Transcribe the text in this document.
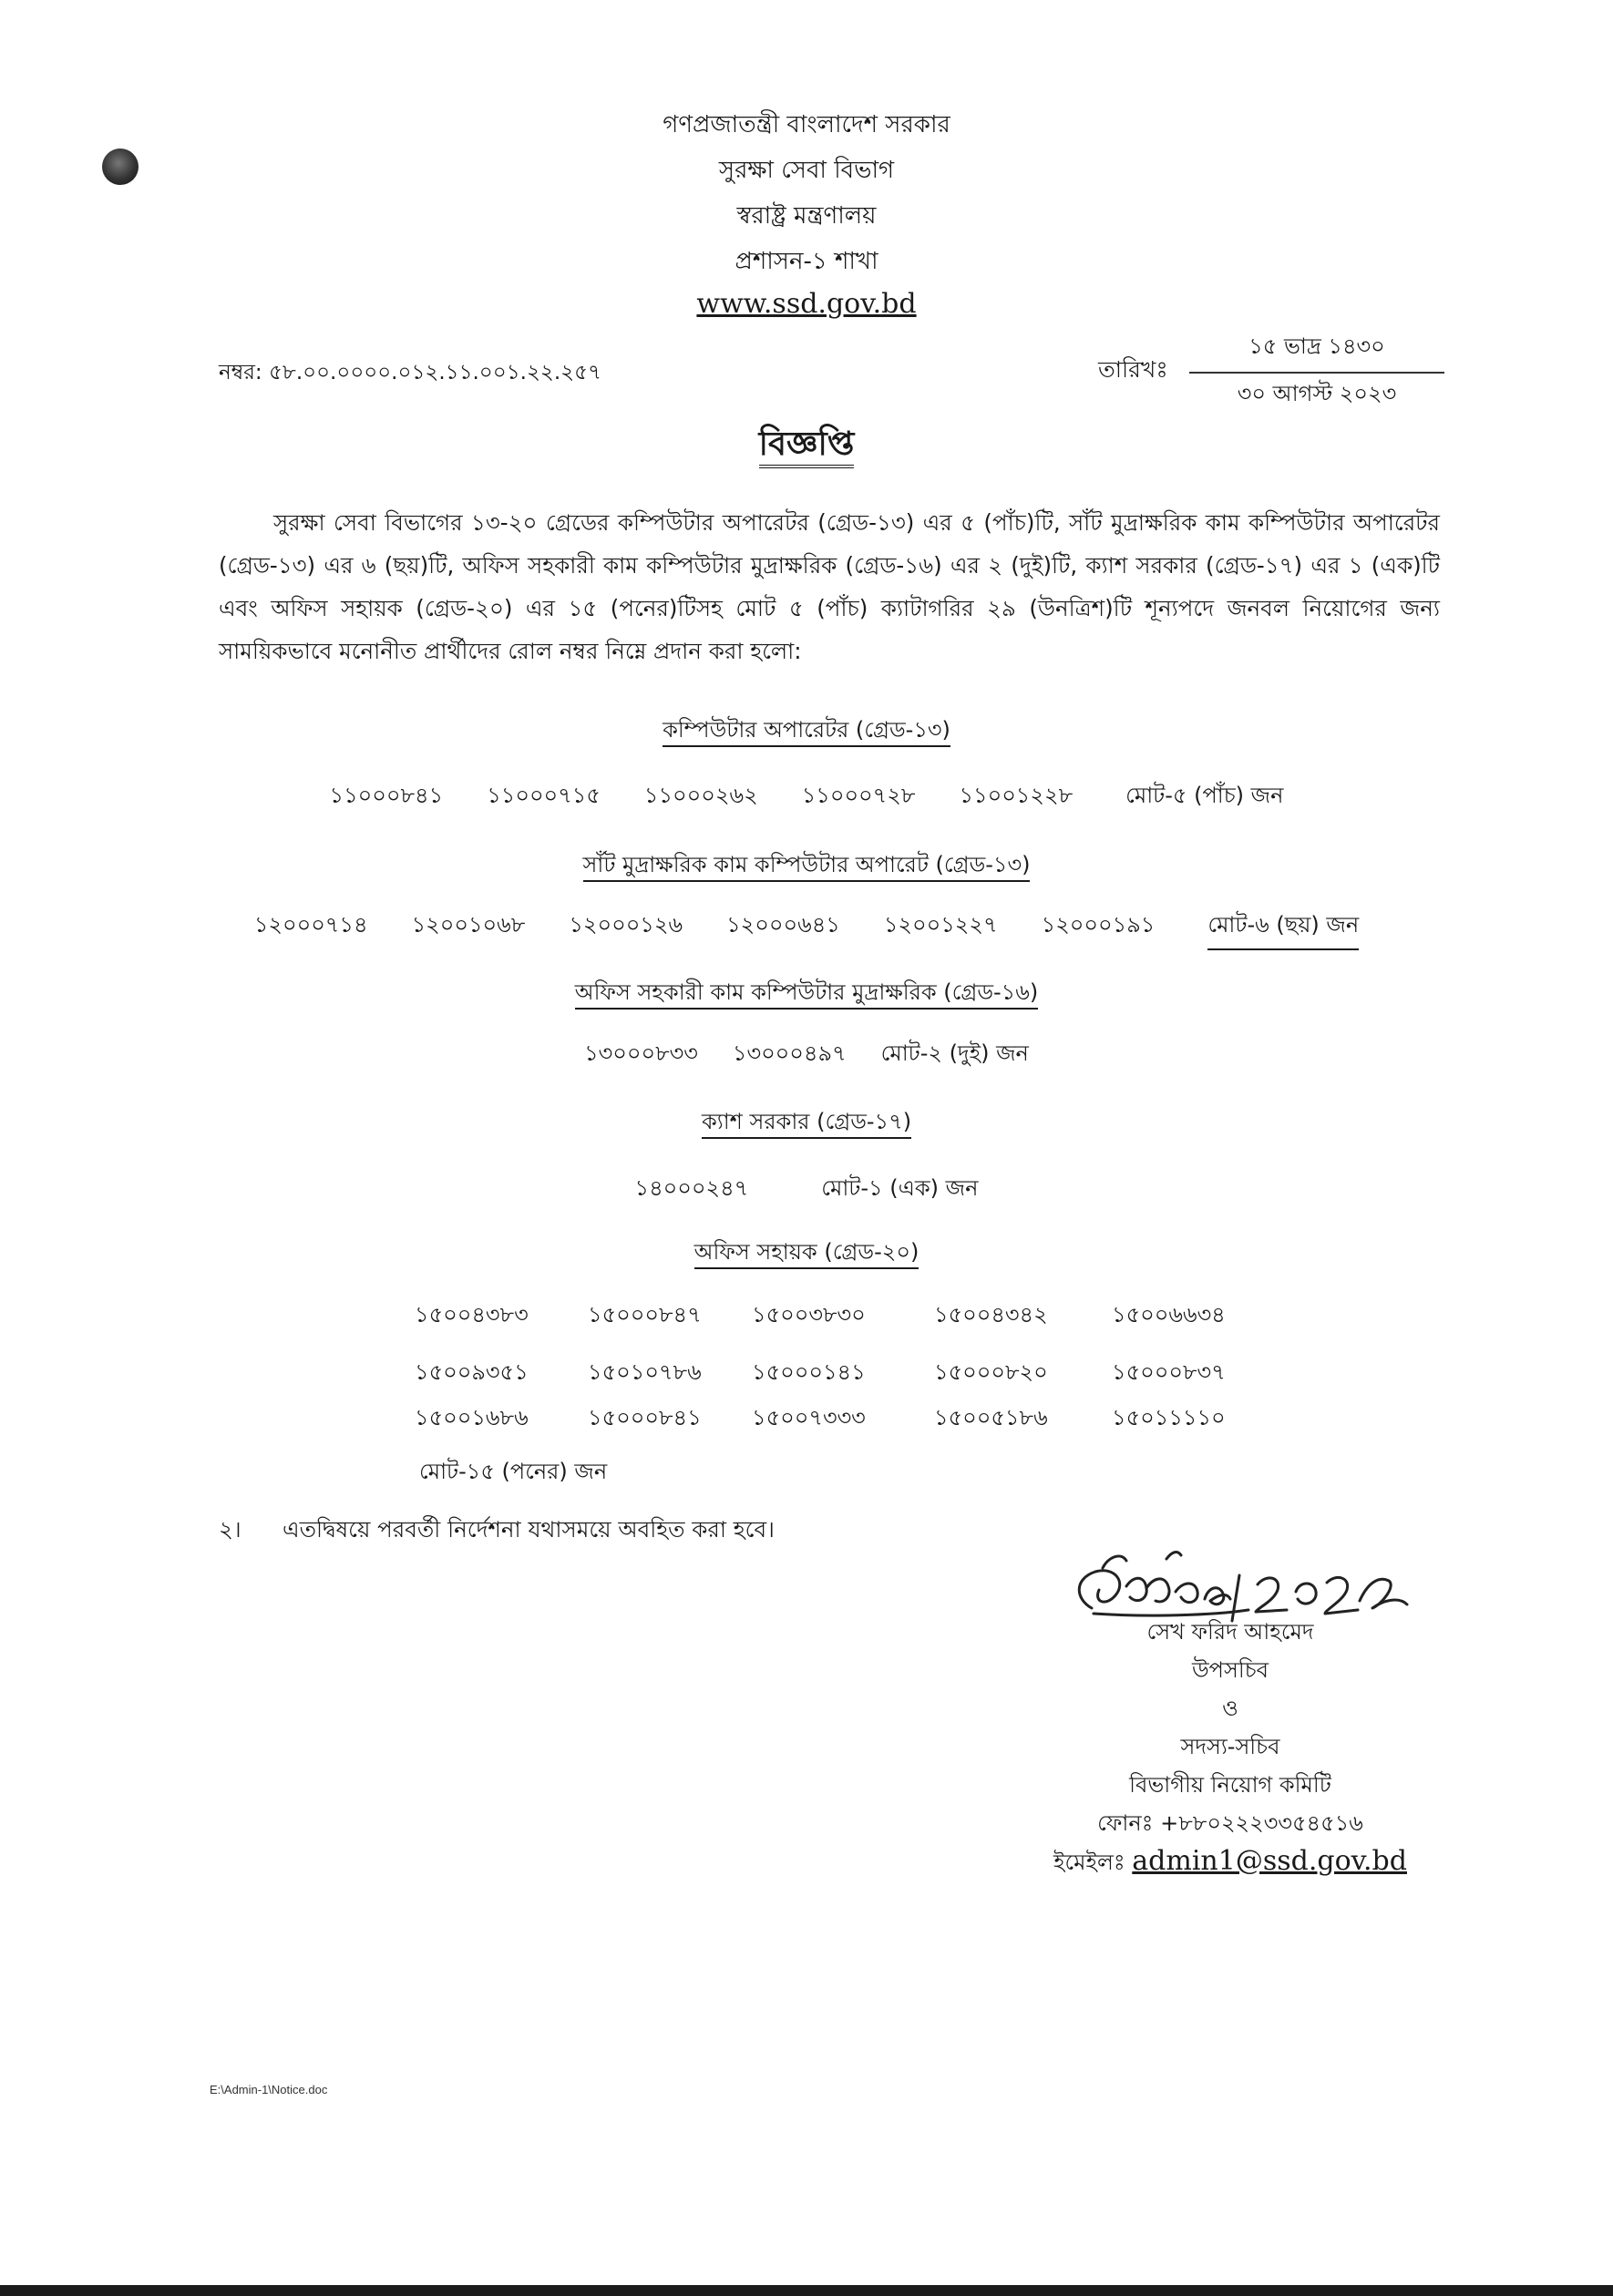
গণপ্রজাতন্ত্রী বাংলাদেশ সরকার
সুরক্ষা সেবা বিভাগ
স্বরাষ্ট্র মন্ত্রণালয়
প্রশাসন-১ শাখা
www.ssd.gov.bd
নম্বর: ৫৮.০০.০০০০.০১২.১১.০০১.২২.২৫৭	তারিখঃ
১৫ ভাদ্র ১৪৩০
৩০ আগস্ট ২০২৩
বিজ্ঞপ্তি
সুরক্ষা সেবা বিভাগের ১৩-২০ গ্রেডের কম্পিউটার অপারেটর (গ্রেড-১৩) এর ৫ (পাঁচ)টি, সাঁট মুদ্রাক্ষরিক কাম কম্পিউটার অপারেটর (গ্রেড-১৩) এর ৬ (ছয়)টি, অফিস সহকারী কাম কম্পিউটার মুদ্রাক্ষরিক (গ্রেড-১৬) এর ২ (দুই)টি, ক্যাশ সরকার (গ্রেড-১৭) এর ১ (এক)টি এবং অফিস সহায়ক (গ্রেড-২০) এর ১৫ (পনের)টিসহ মোট ৫ (পাঁচ) ক্যাটাগরির ২৯ (উনত্রিশ)টি শূন্যপদে জনবল নিয়োগের জন্য সাময়িকভাবে মনোনীত প্রার্থীদের রোল নম্বর নিম্নে প্রদান করা হলো:
কম্পিউটার অপারেটর (গ্রেড-১৩)
১১০০০৮৪১ ১১০০০৭১৫ ১১০০০২৬২ ১১০০০৭২৮ ১১০০১২২৮ মোট-৫ (পাঁচ) জন
সাঁট মুদ্রাক্ষরিক কাম কম্পিউটার অপারেট (গ্রেড-১৩)
১২০০০৭১৪ ১২০০১০৬৮ ১২০০০১২৬ ১২০০০৬৪১ ১২০০১২২৭ ১২০০০১৯১ মোট-৬ (ছয়) জন
অফিস সহকারী কাম কম্পিউটার মুদ্রাক্ষরিক (গ্রেড-১৬)
১৩০০০৮৩৩ ১৩০০০৪৯৭ মোট-২ (দুই) জন
ক্যাশ সরকার (গ্রেড-১৭)
১৪০০০২৪৭	মোট-১ (এক) জন
অফিস সহায়ক (গ্রেড-২০)
১৫০০৪৩৮৩	১৫০০০৮৪৭	১৫০০৩৮৩০	১৫০০৪৩৪২	১৫০০৬৬৩৪
১৫০০৯৩৫১	১৫০১০৭৮৬	১৫০০০১৪১	১৫০০০৮২০	১৫০০০৮৩৭
১৫০০১৬৮৬	১৫০০০৮৪১	১৫০০৭৩৩৩	১৫০০৫১৮৬	১৫০১১১১০
মোট-১৫ (পনের) জন
২। এতদ্বিষয়ে পরবর্তী নির্দেশনা যথাসময়ে অবহিত করা হবে।
সেখ ফরিদ আহমেদ
উপসচিব
ও
সদস্য-সচিব
বিভাগীয় নিয়োগ কমিটি
ফোনঃ +৮৮০২২২৩৩৫৪৫১৬
ইমেইলঃ admin1@ssd.gov.bd
E:\Admin-1\Notice.doc
